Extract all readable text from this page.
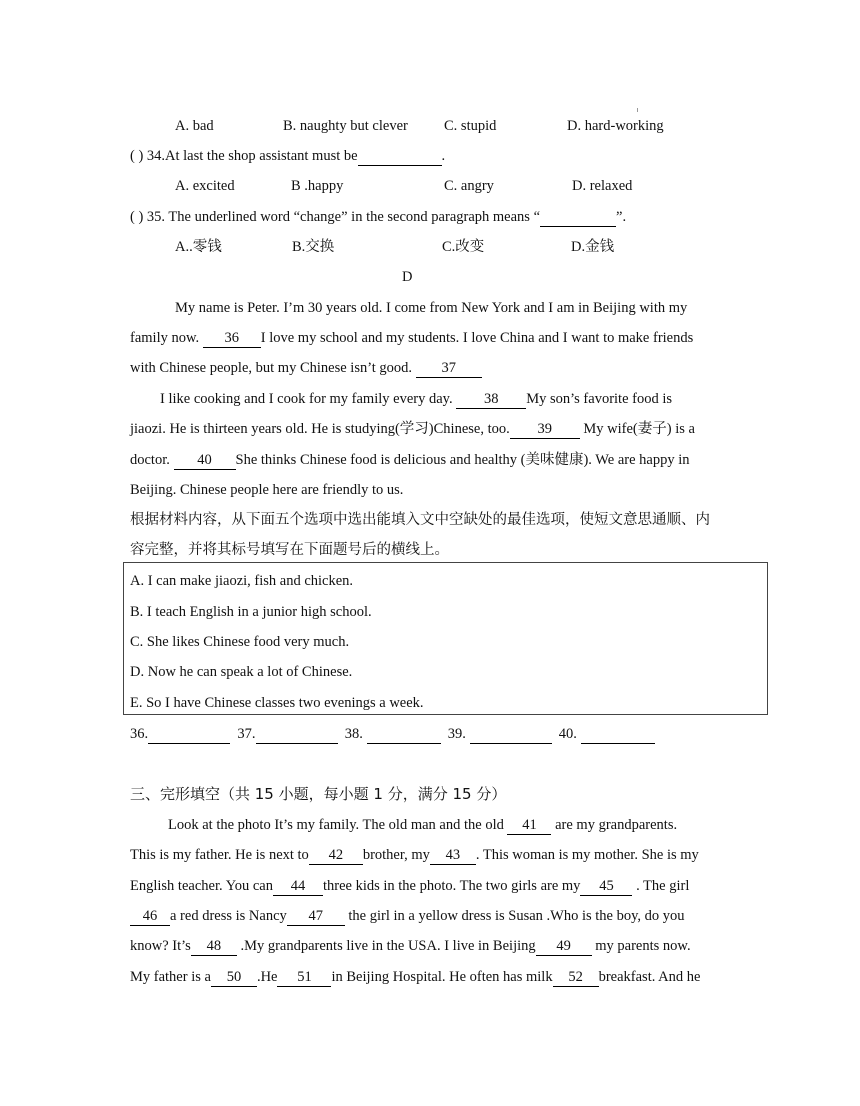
A. bad	B. naughty but clever C. stupid	D. hard-working
( ) 34.At last the shop assistant must be	.
A. excited	B .happy	C. angry	D. relaxed
( ) 35. The underlined word “change” in the second paragraph means “	”.
A..零钱	B.交换	C.改变	D.金钱
D
My name is Peter. I’m 30 years old. I come from New York and I am in Beijing with my
family now. 36 I love my school and my students. I love China and I want to make friends
with Chinese people, but my Chinese isn’t good. 37
I like cooking and I cook for my family every day. 38 My son’s favorite food is
jiaozi. He is thirteen years old. He is studying(学习)Chinese, too. 39 My wife(妻子) is a
doctor. 40 She thinks Chinese food is delicious and healthy (美味健康). We are happy in
Beijing. Chinese people here are friendly to us.
根据材料内容，从下面五个选项中选出能填入文中空缺处的最佳选项，使短文意思通顺、内
容完整，并将其标号填写在下面题号后的横线上。
A. I can make jiaozi, fish and chicken.
B. I teach English in a junior high school.
C. She likes Chinese food very much.
D. Now he can speak a lot of Chinese.
E. So I have Chinese classes two evenings a week.
36.	37.	38.	39.	40.
三、完形填空（共 15 小题，每小题 1 分，满分 15 分）
Look at the photo It’s my family. The old man and the old 41 are my grandparents.
This is my father. He is next to 42 brother, my 43 . This woman is my mother. She is my
English teacher. You can 44 three kids in the photo. The two girls are my 45 . The girl
46 a red dress is Nancy 47 the girl in a yellow dress is Susan .Who is the boy, do you
know? It’s 48 .My grandparents live in the USA. I live in Beijing 49 my parents now.
My father is a 50 .He 51 in Beijing Hospital. He often has milk 52 breakfast. And he
